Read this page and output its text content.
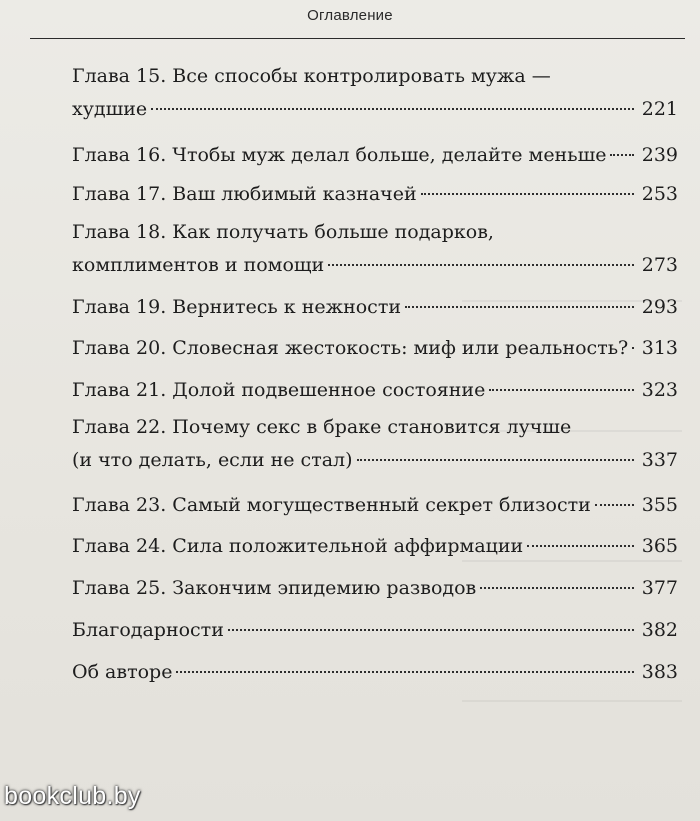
Оглавление
Глава 15. Все способы контролировать мужа —
худшие	221
Глава 16. Чтобы муж делал больше, делайте меньше 239
Глава 17. Ваш любимый казначей	253
Глава 18. Как получать больше подарков,
комплиментов и помощи	273
Глава 19. Вернитесь к нежности	293
Глава 20. Словесная жестокость: миф или реальность? 313
Глава 21. Долой подвешенное состояние	323
Глава 22. Почему секс в браке становится лучше
(и что делать, если не стал)	337
Глава 23. Самый могущественный секрет близости	355
Глава 24. Сила положительной аффирмации	365
Глава 25. Закончим эпидемию разводов	377
Благодарности	382
Об авторе	383
bookclub.by
